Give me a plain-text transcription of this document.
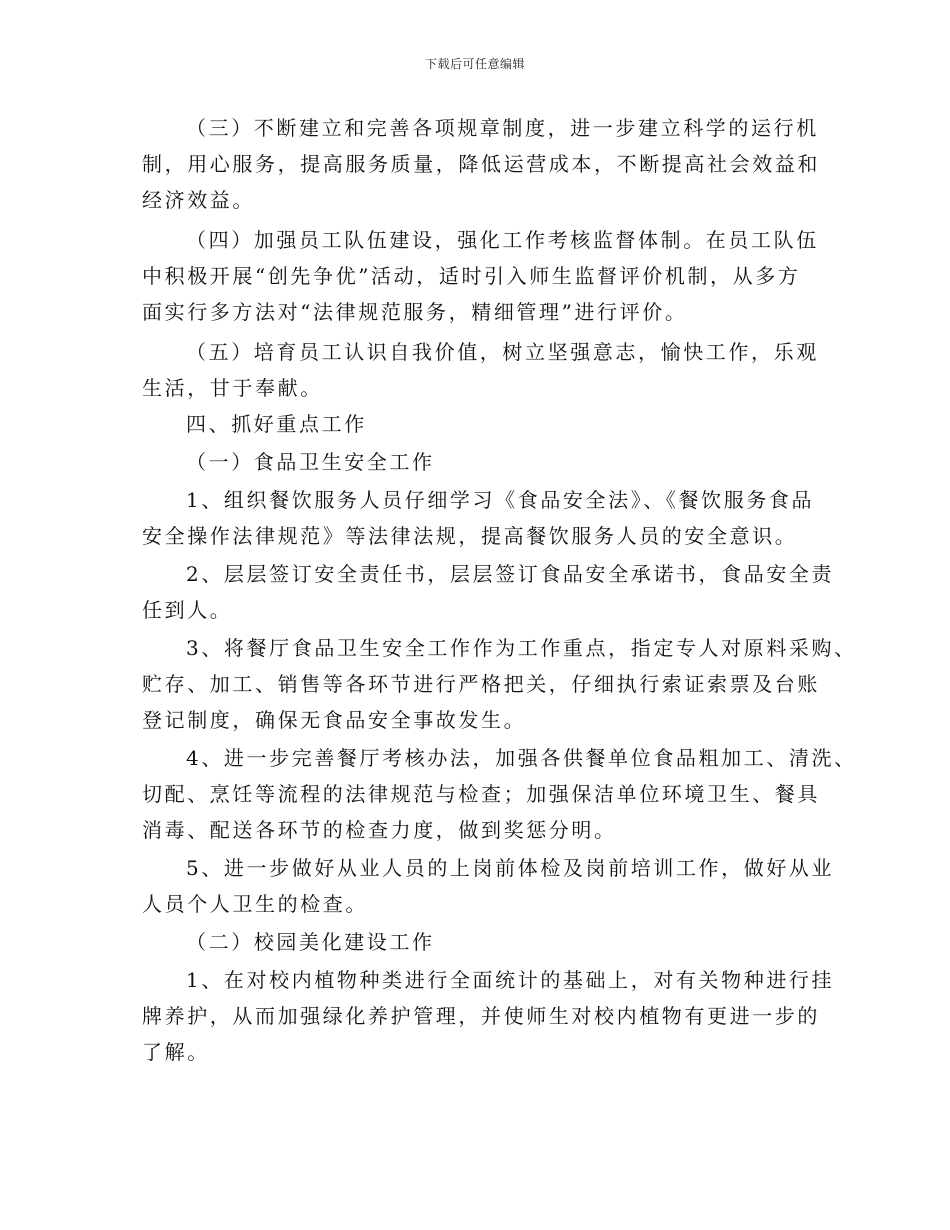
下载后可任意编辑
（三）不断建立和完善各项规章制度，进一步建立科学的运行机
制，用心服务，提高服务质量，降低运营成本，不断提高社会效益和
经济效益。
（四）加强员工队伍建设，强化工作考核监督体制。在员工队伍
中积极开展“创先争优”活动，适时引入师生监督评价机制，从多方
面实行多方法对“法律规范服务，精细管理”进行评价。
（五）培育员工认识自我价值，树立坚强意志，愉快工作，乐观
生活，甘于奉献。
四、抓好重点工作
（一）食品卫生安全工作
1、组织餐饮服务人员仔细学习《食品安全法》、《餐饮服务食品
安全操作法律规范》等法律法规，提高餐饮服务人员的安全意识。
2、层层签订安全责任书，层层签订食品安全承诺书，食品安全责
任到人。
3、将餐厅食品卫生安全工作作为工作重点，指定专人对原料采购、
贮存、加工、销售等各环节进行严格把关，仔细执行索证索票及台账
登记制度，确保无食品安全事故发生。
4、进一步完善餐厅考核办法，加强各供餐单位食品粗加工、清洗、
切配、烹饪等流程的法律规范与检查；加强保洁单位环境卫生、餐具
消毒、配送各环节的检查力度，做到奖惩分明。
5、进一步做好从业人员的上岗前体检及岗前培训工作，做好从业
人员个人卫生的检查。
（二）校园美化建设工作
1、在对校内植物种类进行全面统计的基础上，对有关物种进行挂
牌养护，从而加强绿化养护管理，并使师生对校内植物有更进一步的
了解。
